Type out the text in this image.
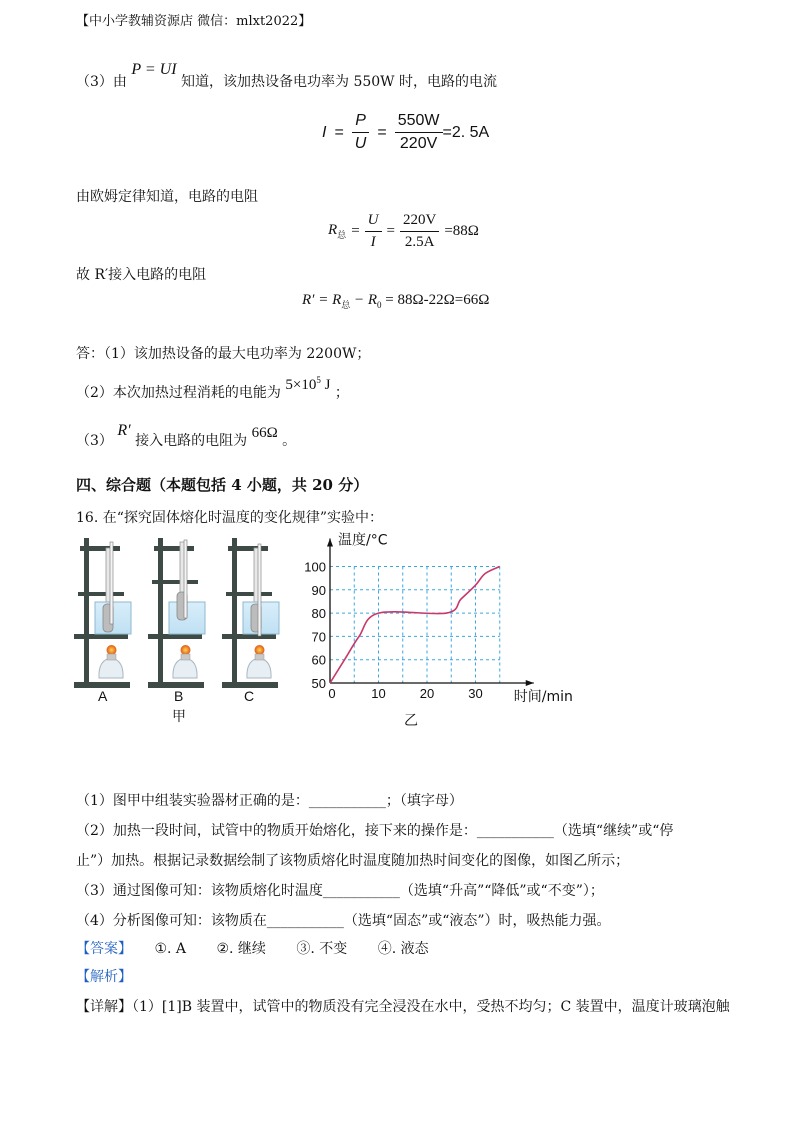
【中小学教辅资源店 微信：mlxt2022】
（3）由 P = UI 知道，该加热设备电功率为 550W 时，电路的电流
$I = \frac{P}{U} = \frac{550W}{220V} =2$. 5A
由欧姆定律知道，电路的电阻
$R_总 = \frac{U}{I} = \frac{220V}{2.5A} =88\Omega$
故 R′接入电路的电阻
$R' = R_总 - R_0 = 88\Omega-22\Omega=66\Omega$
答：（1）该加热设备的最大电功率为 2200W；
（2）本次加热过程消耗的电能为 $5\times 10^5$ J ；
（3） R′ 接入电路的电阻为 66Ω 。
四、综合题（本题包括 4 小题，共 20 分）
16. 在“探究固体熔化时温度的变化规律”实验中：
A	B	C
甲
50
60
70
80
90
100
0	10	20	30
温度/°C
时间/min
乙
（1）图甲中组装实验器材正确的是：___________；（填字母）
（2）加热一段时间，试管中的物质开始熔化，接下来的操作是：___________（选填“继续”或“停
止”）加热。根据记录数据绘制了该物质熔化时温度随加热时间变化的图像，如图乙所示；
（3）通过图像可知：该物质熔化时温度___________（选填“升高”“降低”或“不变”）；
（4）分析图像可知：该物质在___________（选填“固态”或“液态”）时，吸热能力强。
【答案】 ①. A ②. 继续 ③. 不变 ④. 液态
【解析】
【详解】（1）[1]B 装置中，试管中的物质没有完全浸没在水中，受热不均匀；C 装置中，温度计玻璃泡触
